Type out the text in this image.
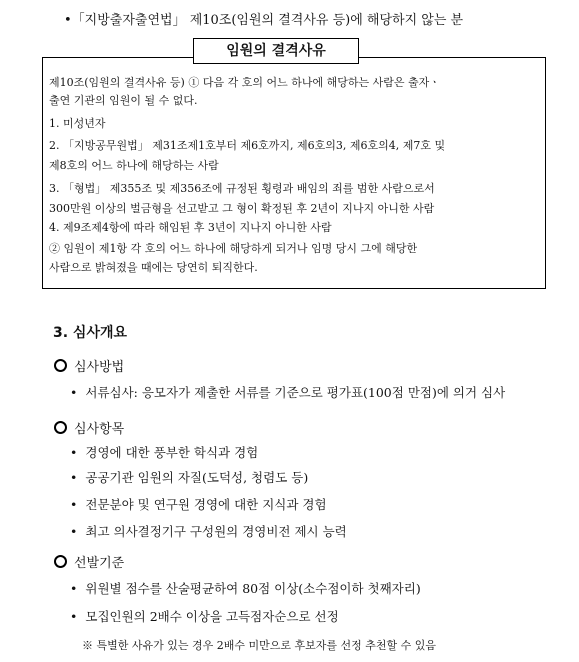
•「지방출자출연법」 제10조(임원의 결격사유 등)에 해당하지 않는 분
임원의 결격사유
제10조(임원의 결격사유 등) ① 다음 각 호의 어느 하나에 해당하는 사람은 출자ㆍ
출연 기관의 임원이 될 수 없다.
1. 미성년자
2. 「지방공무원법」 제31조제1호부터 제6호까지, 제6호의3, 제6호의4, 제7호 및
제8호의 어느 하나에 해당하는 사람
3. 「형법」 제355조 및 제356조에 규정된 횡령과 배임의 죄를 범한 사람으로서
300만원 이상의 벌금형을 선고받고 그 형이 확정된 후 2년이 지나지 아니한 사람
4. 제9조제4항에 따라 해임된 후 3년이 지나지 아니한 사람
② 임원이 제1항 각 호의 어느 하나에 해당하게 되거나 임명 당시 그에 해당한
사람으로 밝혀졌을 때에는 당연히 퇴직한다.
3. 심사개요
심사방법
• 서류심사: 응모자가 제출한 서류를 기준으로 평가표(100점 만점)에 의거 심사
심사항목
• 경영에 대한 풍부한 학식과 경험
• 공공기관 임원의 자질(도덕성, 청렴도 등)
• 전문분야 및 연구원 경영에 대한 지식과 경험
• 최고 의사결정기구 구성원의 경영비전 제시 능력
선발기준
• 위원별 점수를 산술평균하여 80점 이상(소수점이하 첫째자리)
• 모집인원의 2배수 이상을 고득점자순으로 선정
※ 특별한 사유가 있는 경우 2배수 미만으로 후보자를 선정 추천할 수 있음
